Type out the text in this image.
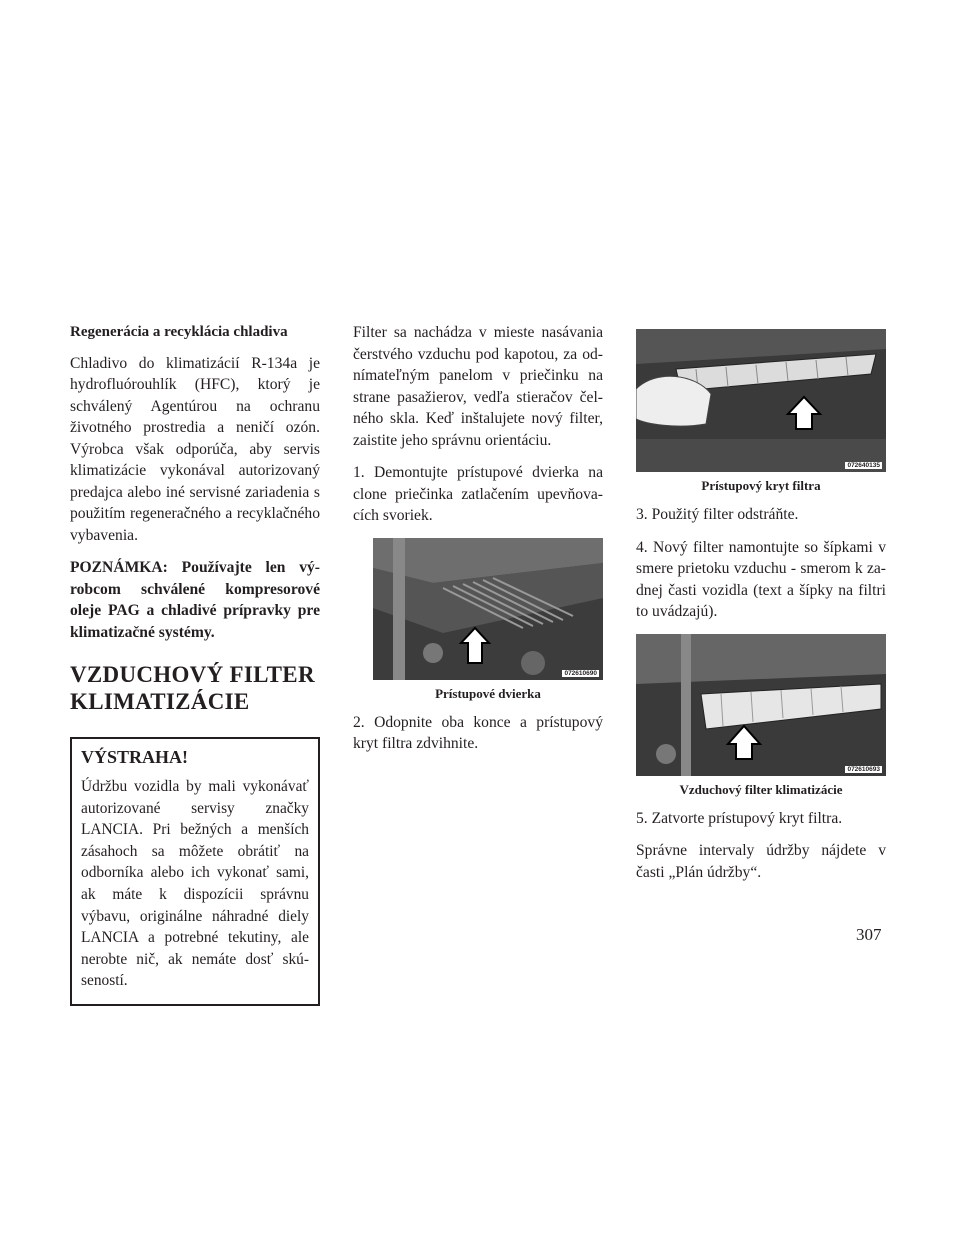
Regenerácia a recyklácia chladiva

Chladivo do klimatizácií R-134a je hydrofluórouhlík (HFC), ktorý je schválený Agentúrou na ochranu životného prostredia a neničí ozón. Výrobca však odporúča, aby servis klimatizácie vykonával autorizovaný predajca alebo iné servisné zariadenia s použitím regeneračného a recyklačného vybavenia.

POZNÁMKA: Používajte len výrobcom schválené kompresorové oleje PAG a chladivé prípravky pre klimatizačné systémy.

VZDUCHOVÝ FILTER
KLIMATIZÁCIE
VÝSTRAHA!

Údržbu vozidla by mali vykonávať autorizované servisy značky LANCIA. Pri bežných a menších zásahoch sa môžete obrátiť na odborníka alebo ich vykonať sami, ak máte k dispozícii správnu výbavu, originálne náhradné diely LANCIA a potrebné tekutiny, ale nerobte nič, ak nemáte dosť skúseností.

Filter sa nachádza v mieste nasávania čerstvého vzduchu pod kapotou, za odnímateľným panelom v priečinku na strane pasažierov, vedľa stieračov čelného skla. Keď inštalujete nový filter, zaistite jeho správnu orientáciu.

1. Demontujte prístupové dvierka na clone priečinka zatlačením upevňovacích svoriek.

072610690
Prístupové dvierka

2. Odopnite oba konce a prístupový kryt filtra zdvihnite.

072640135
Prístupový kryt filtra

3. Použitý filter odstráňte.

4. Nový filter namontujte so šípkami v smere prietoku vzduchu - smerom k zadnej časti vozidla (text a šípky na filtri to uvádzajú).

072610693
Vzduchový filter klimatizácie

5. Zatvorte prístupový kryt filtra.

Správne intervaly údržby nájdete v časti „Plán údržby“.

307
